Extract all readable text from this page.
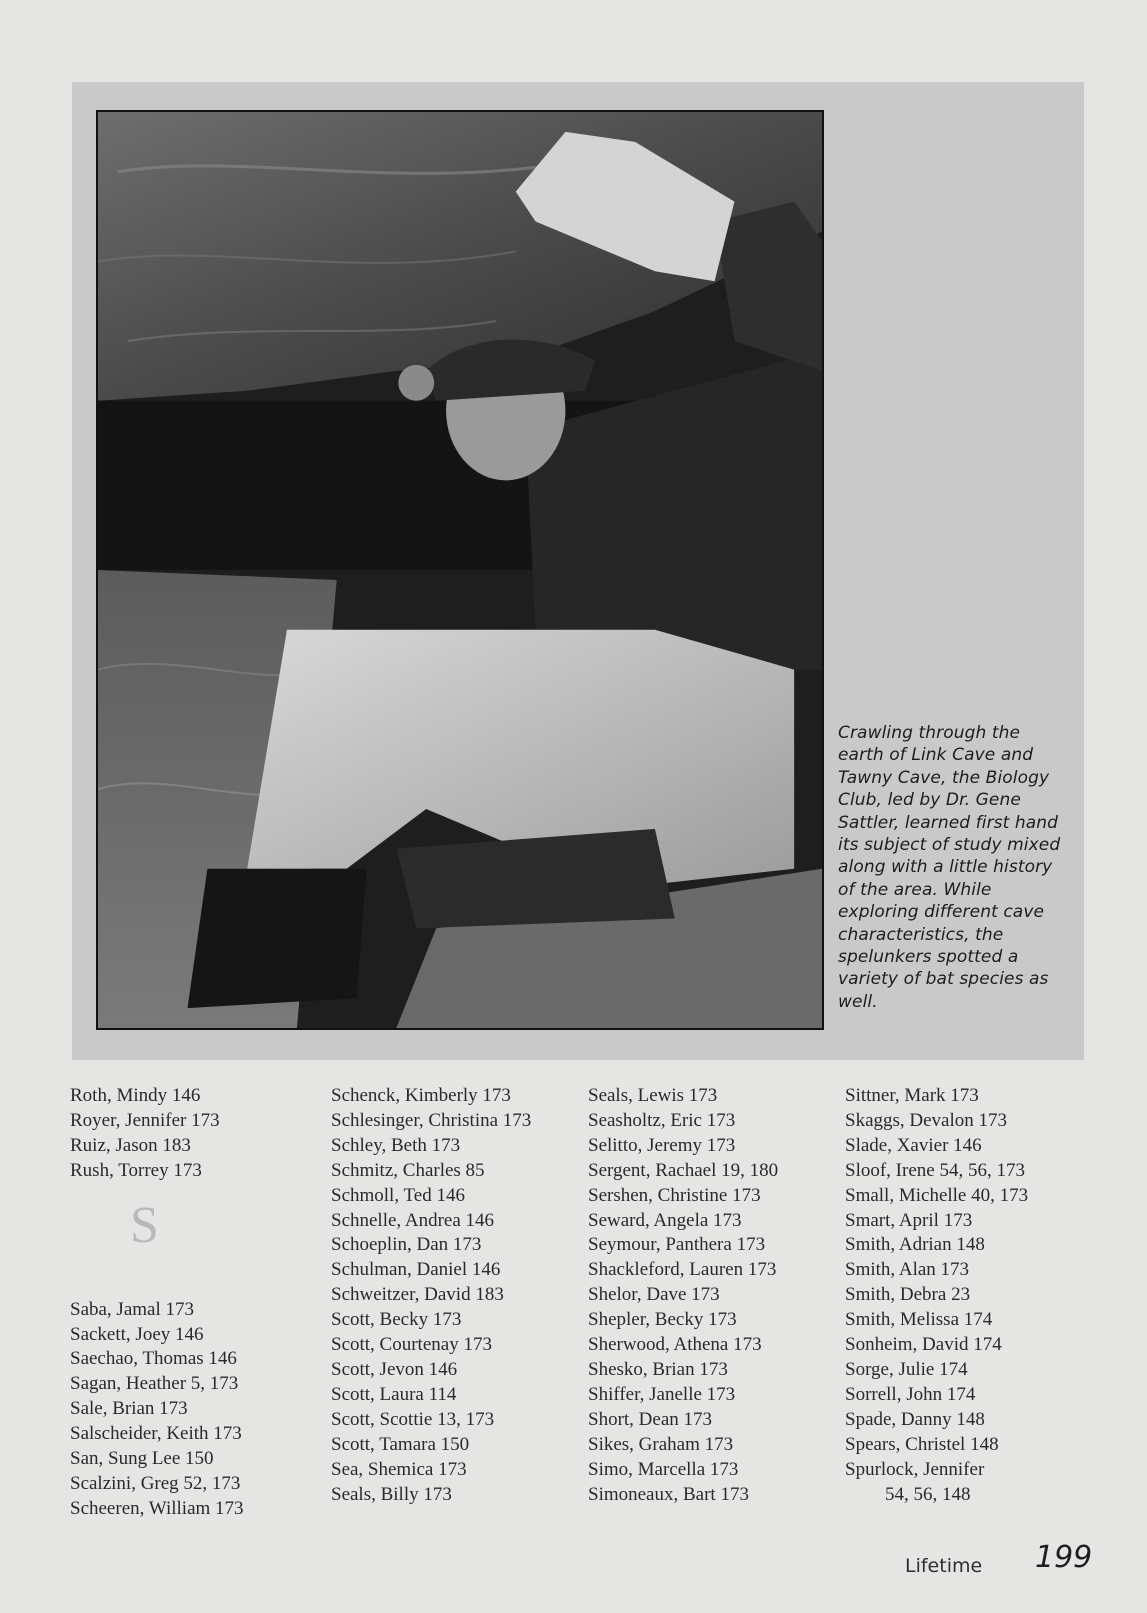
Crawling through the earth of Link Cave and Tawny Cave, the Biology Club, led by Dr. Gene Sattler, learned first hand its subject of study mixed along with a little history of the area. While exploring different cave characteristics, the spelunkers spotted a variety of bat species as well.
Roth, Mindy 146
Royer, Jennifer 173
Ruiz, Jason 183
Rush, Torrey 173
S
Saba, Jamal 173
Sackett, Joey 146
Saechao, Thomas 146
Sagan, Heather 5, 173
Sale, Brian 173
Salscheider, Keith 173
San, Sung Lee 150
Scalzini, Greg 52, 173
Scheeren, William 173
Schenck, Kimberly 173
Schlesinger, Christina 173
Schley, Beth 173
Schmitz, Charles 85
Schmoll, Ted 146
Schnelle, Andrea 146
Schoeplin, Dan 173
Schulman, Daniel 146
Schweitzer, David 183
Scott, Becky 173
Scott, Courtenay 173
Scott, Jevon 146
Scott, Laura 114
Scott, Scottie 13, 173
Scott, Tamara 150
Sea, Shemica 173
Seals, Billy 173
Seals, Lewis 173
Seasholtz, Eric 173
Selitto, Jeremy 173
Sergent, Rachael 19, 180
Sershen, Christine 173
Seward, Angela 173
Seymour, Panthera 173
Shackleford, Lauren 173
Shelor, Dave 173
Shepler, Becky 173
Sherwood, Athena 173
Shesko, Brian 173
Shiffer, Janelle 173
Short, Dean 173
Sikes, Graham 173
Simo, Marcella 173
Simoneaux, Bart 173
Sittner, Mark 173
Skaggs, Devalon 173
Slade, Xavier 146
Sloof, Irene 54, 56, 173
Small, Michelle 40, 173
Smart, April 173
Smith, Adrian 148
Smith, Alan 173
Smith, Debra 23
Smith, Melissa 174
Sonheim, David 174
Sorge, Julie 174
Sorrell, John 174
Spade, Danny 148
Spears, Christel 148
Spurlock, Jennifer
54, 56, 148
Lifetime 199
